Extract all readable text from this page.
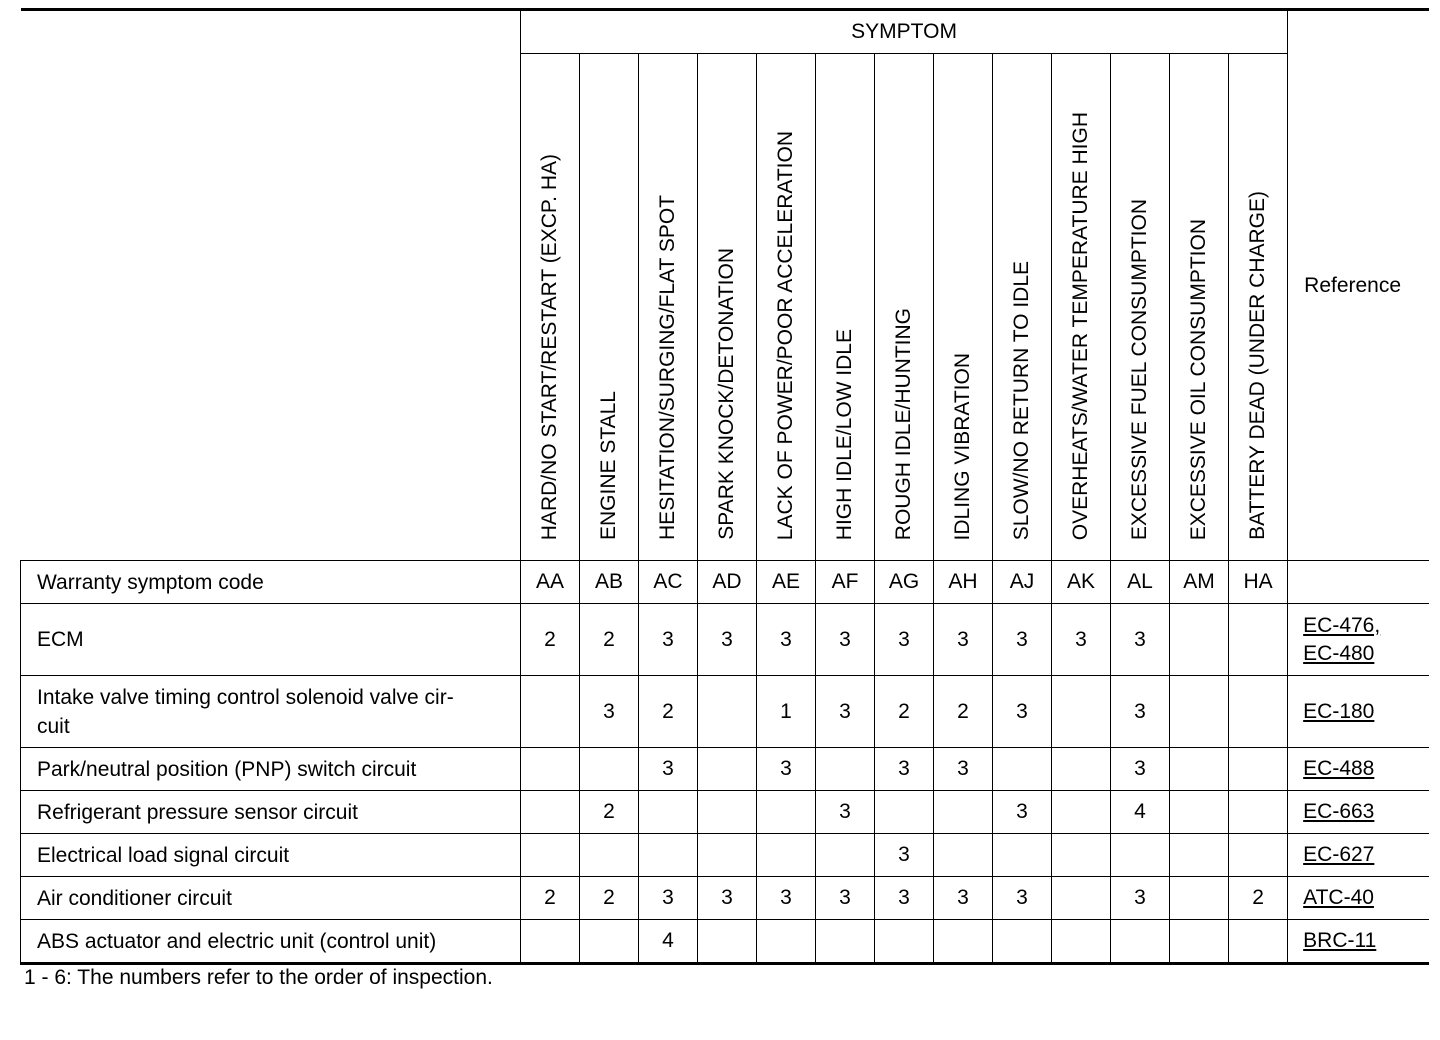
	SYMPTOM													Reference
	HARD/NO START/RESTART (EXCP. HA)	ENGINE STALL	HESITATION/SURGING/FLAT SPOT	SPARK KNOCK/DETONATION	LACK OF POWER/POOR ACCELERATION	HIGH IDLE/LOW IDLE	ROUGH IDLE/HUNTING	IDLING VIBRATION	SLOW/NO RETURN TO IDLE	OVERHEATS/WATER TEMPERATURE HIGH	EXCESSIVE FUEL CONSUMPTION	EXCESSIVE OIL CONSUMPTION	BATTERY DEAD (UNDER CHARGE)	
Warranty symptom code	AA	AB	AC	AD	AE	AF	AG	AH	AJ	AK	AL	AM	HA	
ECM	2	2	3	3	3	3	3	3	3	3	3			EC-476,
EC-480
Intake valve timing control solenoid valve cir-
cuit		3	2		1	3	2	2	3		3			EC-180
Park/neutral position (PNP) switch circuit			3		3		3	3			3			EC-488
Refrigerant pressure sensor circuit		2				3			3		4			EC-663
Electrical load signal circuit							3							EC-627
Air conditioner circuit	2	2	3	3	3	3	3	3	3		3		2	ATC-40
ABS actuator and electric unit (control unit)			4											BRC-11
1 - 6: The numbers refer to the order of inspection.
